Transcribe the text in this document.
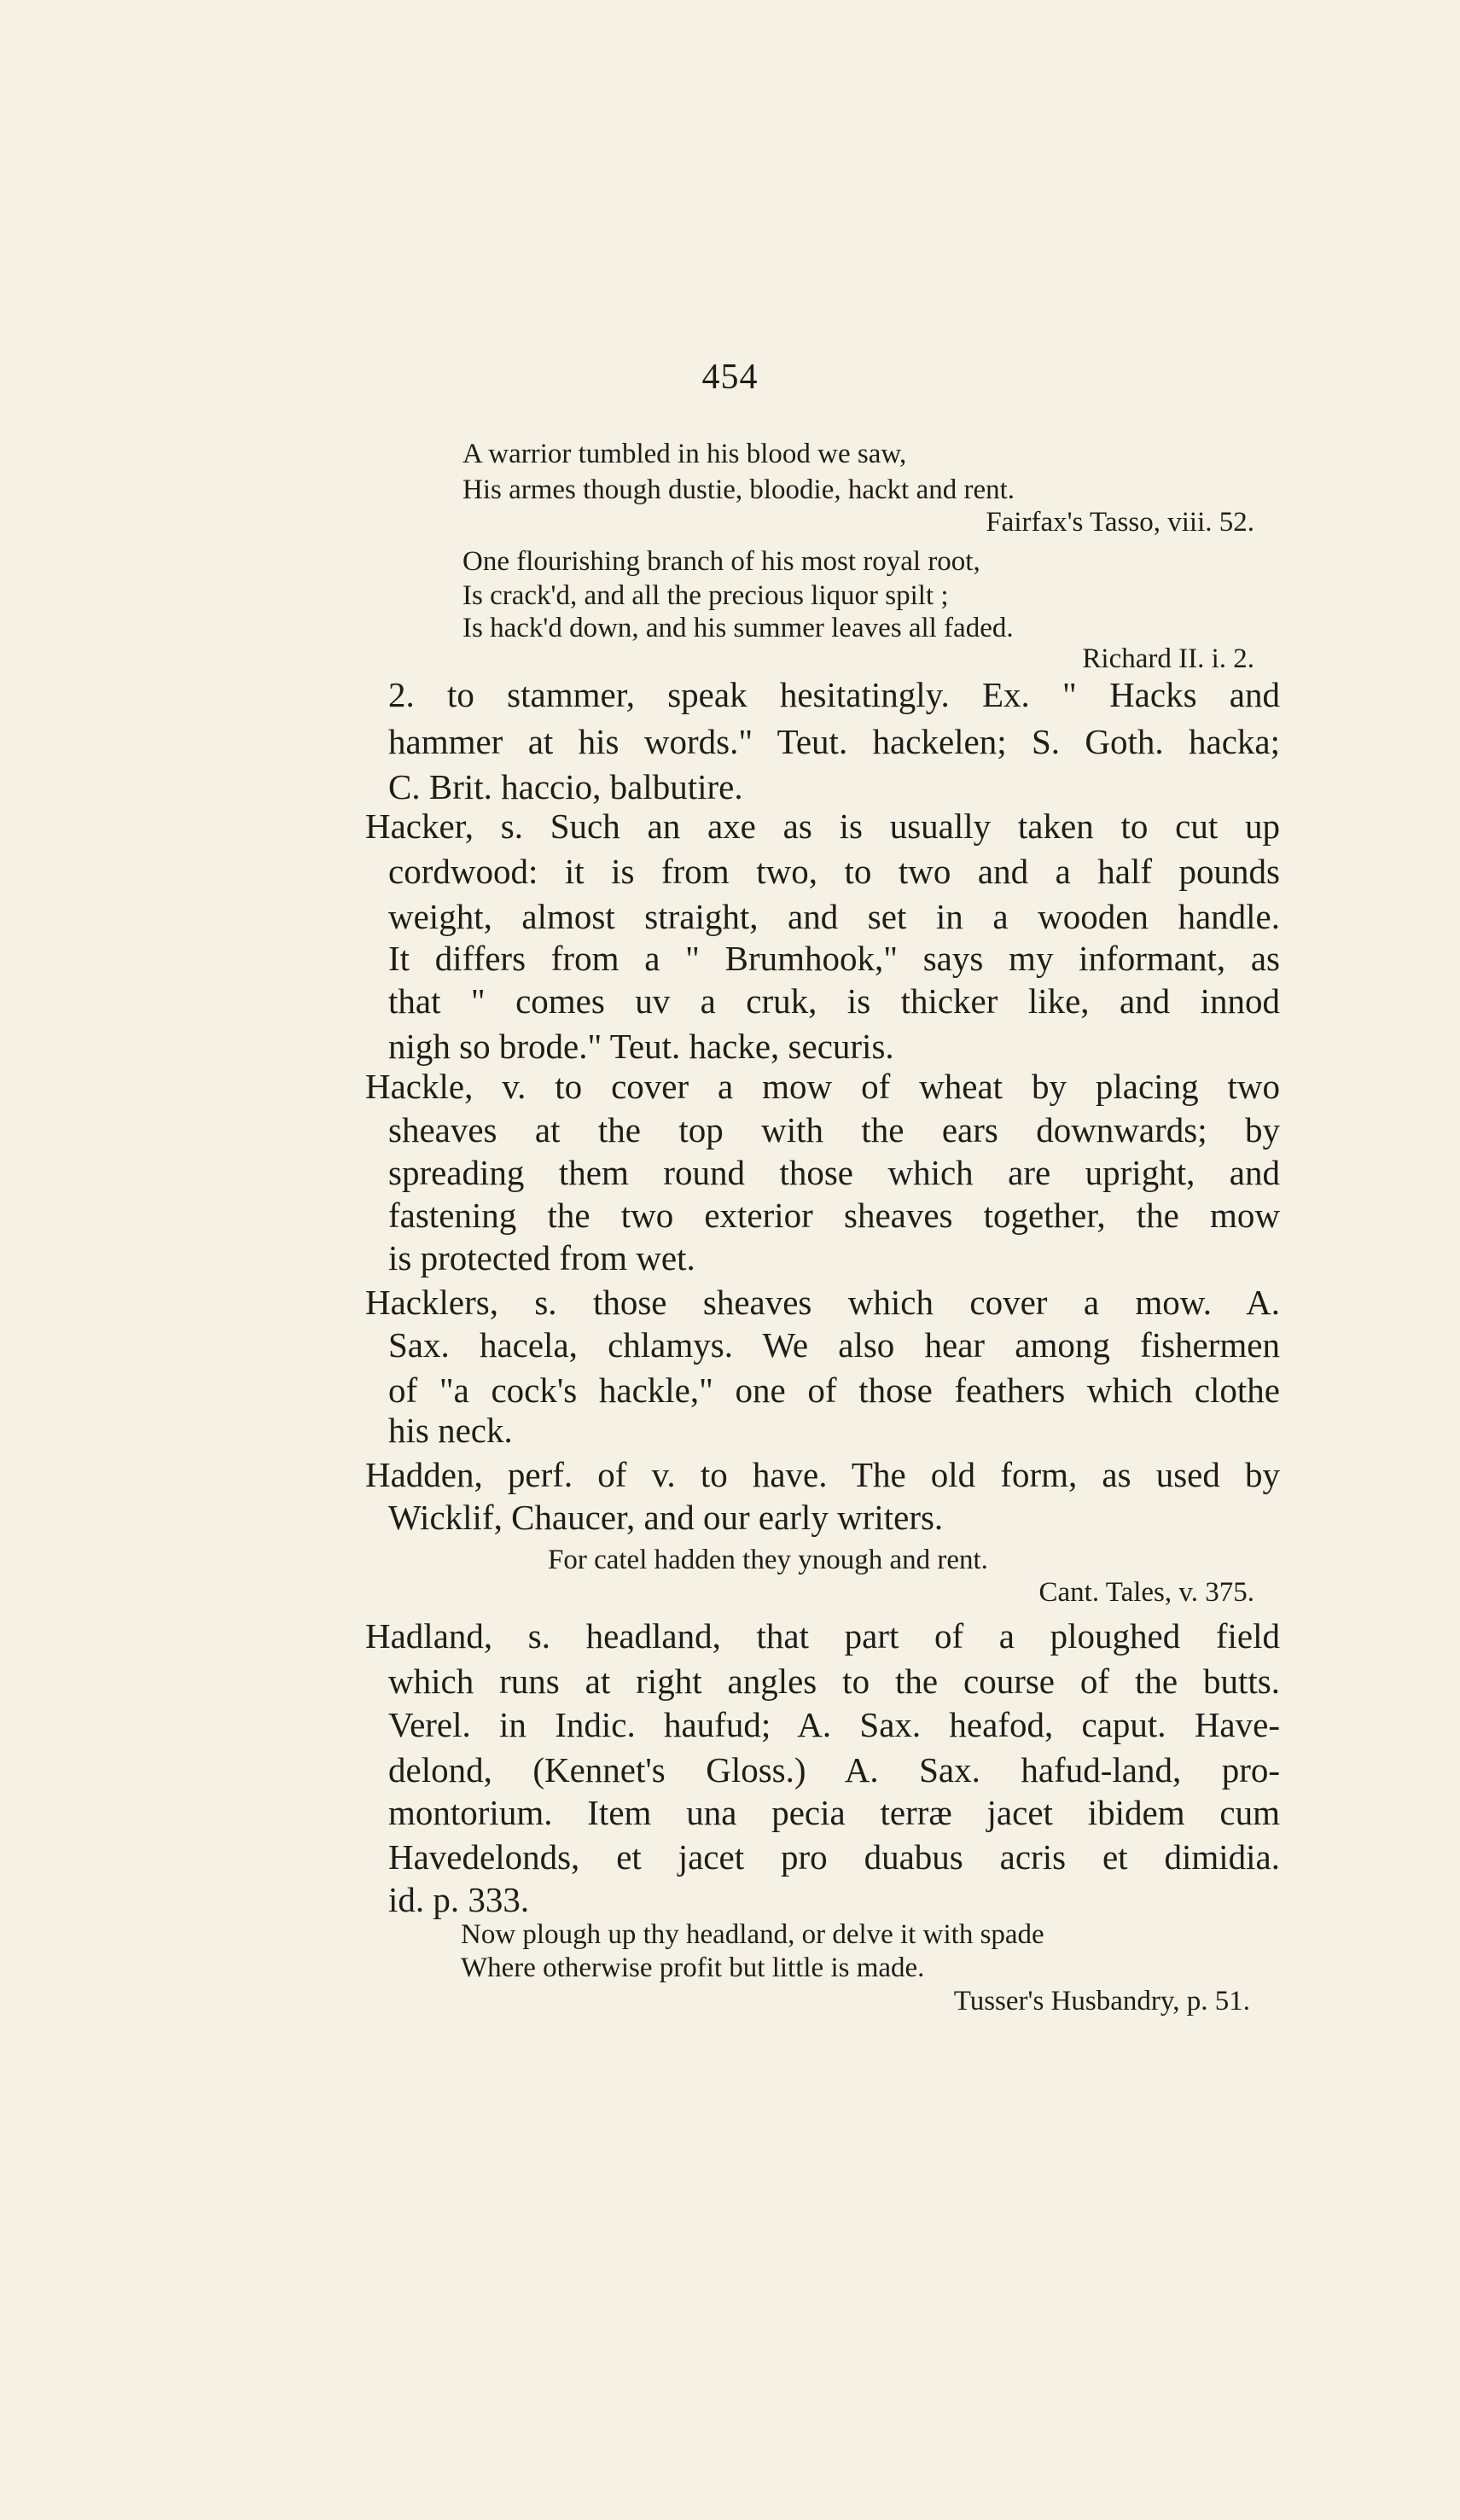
454
A warrior tumbled in his blood we saw,
His armes though dustie, bloodie, hackt and rent.
Fairfax's Tasso, viii. 52.
One flourishing branch of his most royal root,
Is crack'd, and all the precious liquor spilt ;
Is hack'd down, and his summer leaves all faded.
Richard II. i. 2.
2. to stammer, speak hesitatingly. Ex. " Hacks and
hammer at his words." Teut. hackelen; S. Goth. hacka;
C. Brit. haccio, balbutire.
Hacker, s. Such an axe as is usually taken to cut up
cordwood: it is from two, to two and a half pounds
weight, almost straight, and set in a wooden handle.
It differs from a " Brumhook," says my informant, as
that " comes uv a cruk, is thicker like, and innod
nigh so brode." Teut. hacke, securis.
Hackle, v. to cover a mow of wheat by placing two
sheaves at the top with the ears downwards; by
spreading them round those which are upright, and
fastening the two exterior sheaves together, the mow
is protected from wet.
Hacklers, s. those sheaves which cover a mow. A.
Sax. hacela, chlamys. We also hear among fishermen
of "a cock's hackle," one of those feathers which clothe
his neck.
Hadden, perf. of v. to have. The old form, as used by
Wicklif, Chaucer, and our early writers.
For catel hadden they ynough and rent.
Cant. Tales, v. 375.
Hadland, s. headland, that part of a ploughed field
which runs at right angles to the course of the butts.
Verel. in Indic. haufud; A. Sax. heafod, caput. Have-
delond, (Kennet's Gloss.) A. Sax. hafud-land, pro-
montorium. Item una pecia terræ jacet ibidem cum
Havedelonds, et jacet pro duabus acris et dimidia.
id. p. 333.
Now plough up thy headland, or delve it with spade
Where otherwise profit but little is made.
Tusser's Husbandry, p. 51.
